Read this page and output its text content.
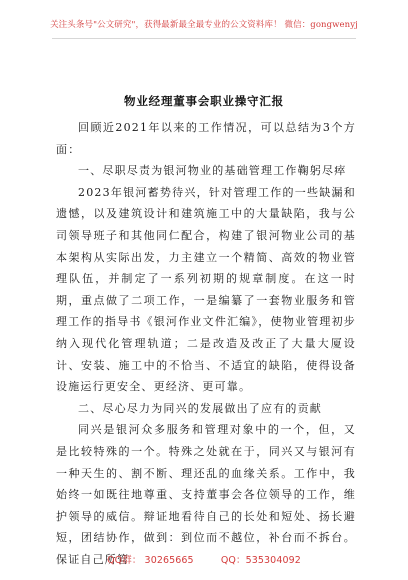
关注头条号"公文研究"，获得最新最全最专业的公文资料库！ 微信：gongwenyj
物业经理董事会职业操守汇报

回顾近2021年以来的工作情况，可以总结为3个方面：

一、尽职尽责为银河物业的基础管理工作鞠躬尽瘁

2023年银河蓄势待兴，针对管理工作的一些缺漏和遗憾，以及建筑设计和建筑施工中的大量缺陷，我与公司领导班子和其他同仁配合，构建了银河物业公司的基本架构从实际出发，力主建立一个精简、高效的物业管理队伍，并制定了一系列初期的规章制度。在这一时期，重点做了二项工作，一是编纂了一套物业服务和管理工作的指导书《银河作业文件汇编》，使物业管理初步纳入现代化管理轨道；二是改造及改正了大量大厦设计、安装、施工中的不恰当、不适宜的缺陷，使得设备设施运行更安全、更经济、更可靠。

二、尽心尽力为同兴的发展做出了应有的贡献

同兴是银河众多服务和管理对象中的一个，但，又是比较特殊的一个。特殊之处就在于，同兴又与银河有一种天生的、割不断、理还乱的血缘关系。工作中，我始终一如既往地尊重、支持董事会各位领导的工作，维护领导的威信。辩证地看待自己的长处和短处、扬长避短，团结协作，做到：到位而不越位，补台而不拆台。保证自己所管

QQ群： 30265665	QQ：535304092
